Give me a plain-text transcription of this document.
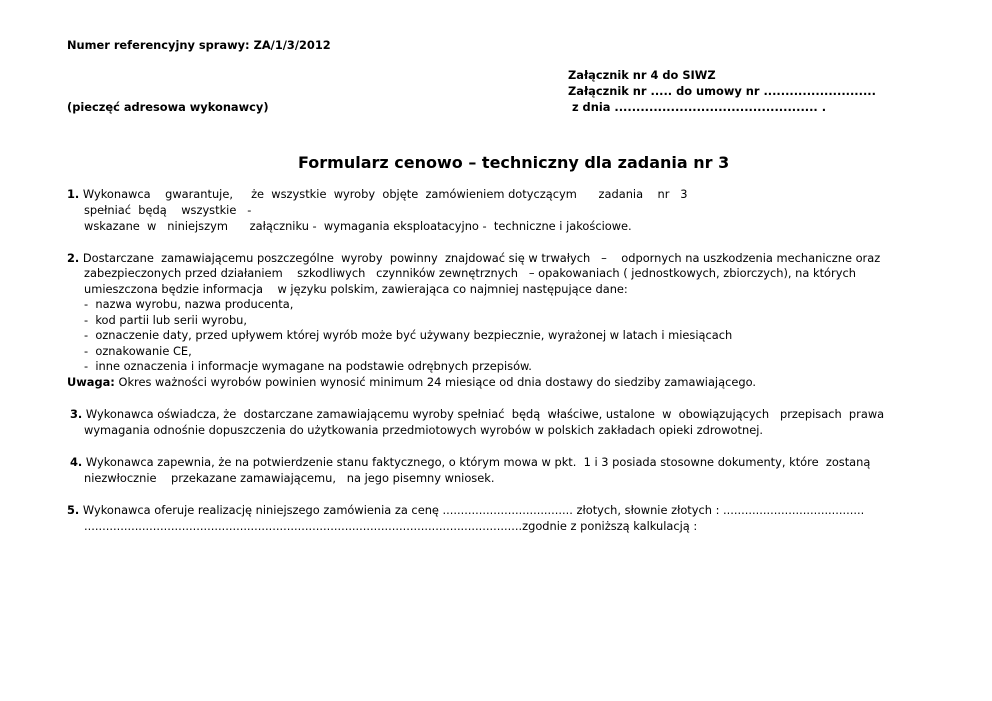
Numer referencyjny sprawy: ZA/1/3/2012
Załącznik nr 4 do SIWZ
Załącznik nr ..... do umowy nr ..........................
z dnia ............................................... .
(pieczęć adresowa wykonawcy)
Formularz cenowo – techniczny dla zadania nr 3
1. Wykonawca    gwarantuje,     że  wszystkie  wyroby  objęte  zamówieniem dotyczącym      zadania    nr   3
spełniać  będą    wszystkie   -
wskazane  w   niniejszym      załączniku -  wymagania eksploatacyjno -  techniczne i jakościowe.
2. Dostarczane  zamawiającemu poszczególne  wyroby  powinny  znajdować się w trwałych   –    odpornych na uszkodzenia mechaniczne oraz
zabezpieczonych przed działaniem    szkodliwych   czynników zewnętrznych   – opakowaniach ( jednostkowych, zbiorczych), na których
umieszczona będzie informacja    w języku polskim, zawierająca co najmniej następujące dane:
-  nazwa wyrobu, nazwa producenta,
-  kod partii lub serii wyrobu,
-  oznaczenie daty, przed upływem której wyrób może być używany bezpiecznie, wyrażonej w latach i miesiącach
-  oznakowanie CE,
-  inne oznaczenia i informacje wymagane na podstawie odrębnych przepisów.
Uwaga: Okres ważności wyrobów powinien wynosić minimum 24 miesiące od dnia dostawy do siedziby zamawiającego.
3. Wykonawca oświadcza, że  dostarczane zamawiającemu wyroby spełniać  będą  właściwe, ustalone  w  obowiązujących   przepisach  prawa
wymagania odnośnie dopuszczenia do użytkowania przedmiotowych wyrobów w polskich zakładach opieki zdrowotnej.
4. Wykonawca zapewnia, że na potwierdzenie stanu faktycznego, o którym mowa w pkt.  1 i 3 posiada stosowne dokumenty, które  zostaną
niezwłocznie    przekazane zamawiającemu,   na jego pisemny wniosek.
5. Wykonawca oferuje realizację niniejszego zamówienia za cenę .................................... złotych, słownie złotych : .......................................
.........................................................................................................................zgodnie z poniższą kalkulacją :
